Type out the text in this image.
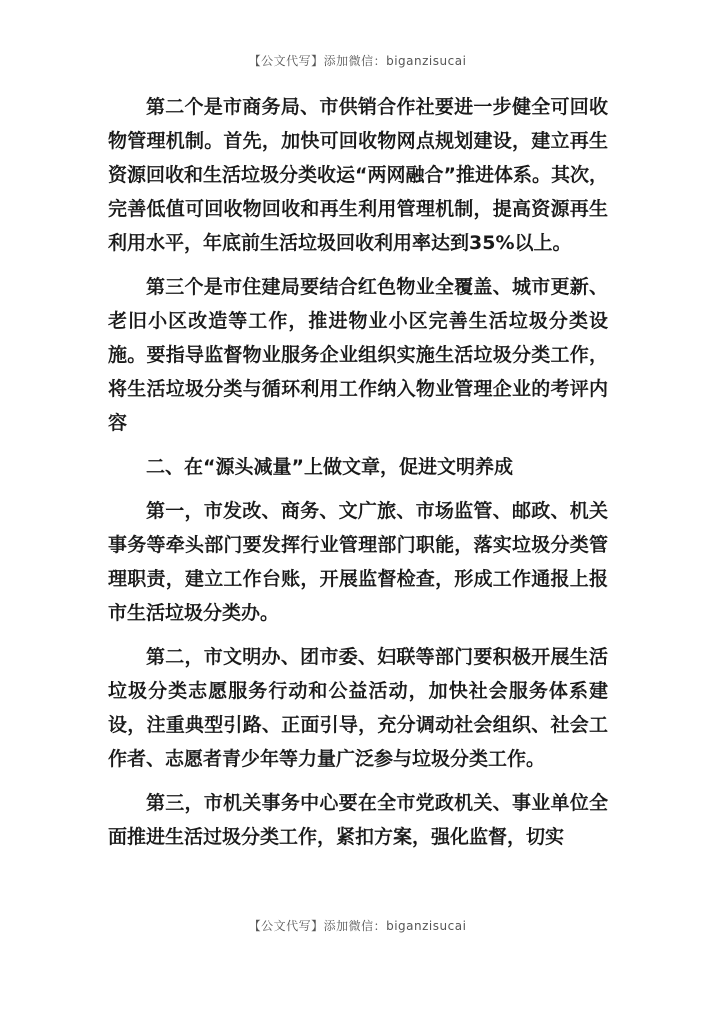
【公文代写】添加微信：biganzisucai

第二个是市商务局、市供销合作社要进一步健全可回收物管理机制。首先，加快可回收物网点规划建设，建立再生资源回收和生活垃圾分类收运“两网融合”推进体系。其次，完善低值可回收物回收和再生利用管理机制，提高资源再生利用水平，年底前生活垃圾回收利用率达到35%以上。

第三个是市住建局要结合红色物业全覆盖、城市更新、老旧小区改造等工作，推进物业小区完善生活垃圾分类设施。要指导监督物业服务企业组织实施生活垃圾分类工作，将生活垃圾分类与循环利用工作纳入物业管理企业的考评内容

二、在“源头减量”上做文章，促进文明养成

第一，市发改、商务、文广旅、市场监管、邮政、机关事务等牵头部门要发挥行业管理部门职能，落实垃圾分类管理职责，建立工作台账，开展监督检查，形成工作通报上报市生活垃圾分类办。

第二，市文明办、团市委、妇联等部门要积极开展生活垃圾分类志愿服务行动和公益活动，加快社会服务体系建设，注重典型引路、正面引导，充分调动社会组织、社会工作者、志愿者青少年等力量广泛参与垃圾分类工作。

第三，市机关事务中心要在全市党政机关、事业单位全面推进生活过圾分类工作，紧扣方案，强化监督，切实

【公文代写】添加微信：biganzisucai
